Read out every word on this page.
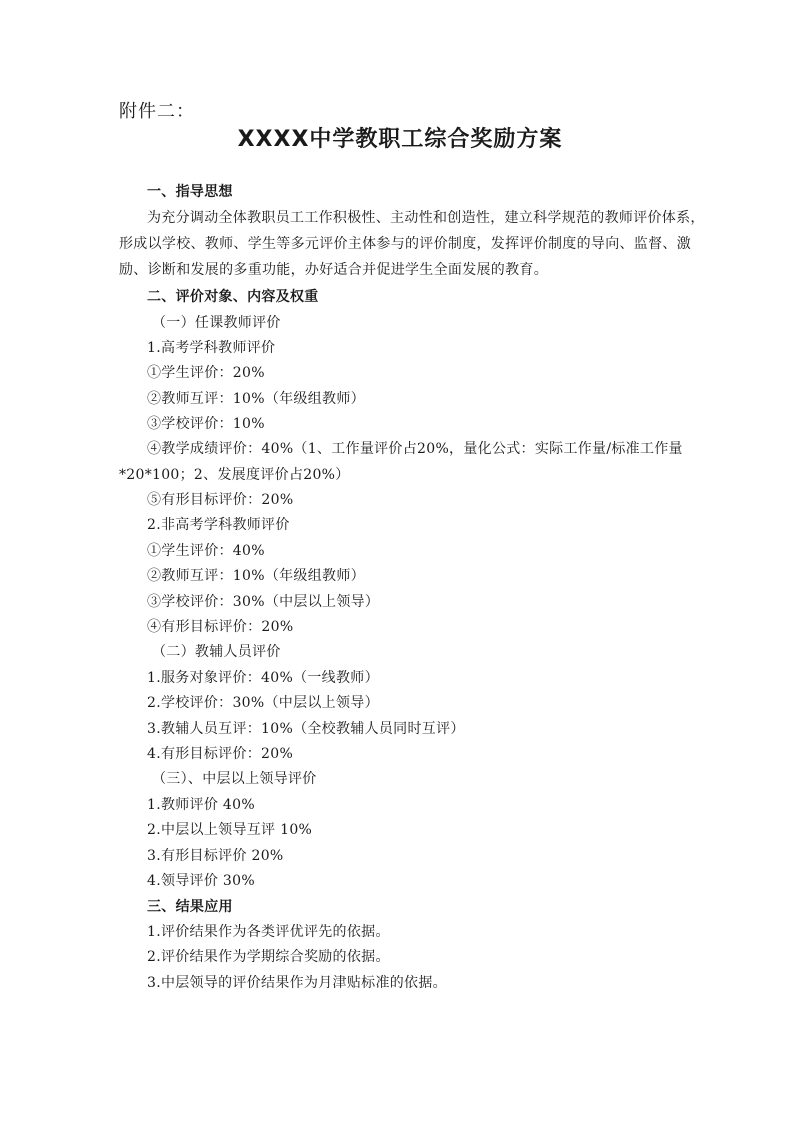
附件二：
XXXX中学教职工综合奖励方案
一、指导思想
为充分调动全体教职员工工作积极性、主动性和创造性，建立科学规范的教师评价体系，
形成以学校、教师、学生等多元评价主体参与的评价制度，发挥评价制度的导向、监督、激
励、诊断和发展的多重功能，办好适合并促进学生全面发展的教育。
二、评价对象、内容及权重
（一）任课教师评价
1.高考学科教师评价
①学生评价：20%
②教师互评：10%（年级组教师）
③学校评价：10%
④教学成绩评价：40%（1、工作量评价占20%，量化公式：实际工作量/标准工作量
*20*100；2、发展度评价占20%）
⑤有形目标评价：20%
2.非高考学科教师评价
①学生评价：40%
②教师互评：10%（年级组教师）
③学校评价：30%（中层以上领导）
④有形目标评价：20%
（二）教辅人员评价
1.服务对象评价：40%（一线教师）
2.学校评价：30%（中层以上领导）
3.教辅人员互评：10%（全校教辅人员同时互评）
4.有形目标评价：20%
（三）、中层以上领导评价
1.教师评价 40%
2.中层以上领导互评 10%
3.有形目标评价 20%
4.领导评价 30%
三、结果应用
1.评价结果作为各类评优评先的依据。
2.评价结果作为学期综合奖励的依据。
3.中层领导的评价结果作为月津贴标准的依据。
